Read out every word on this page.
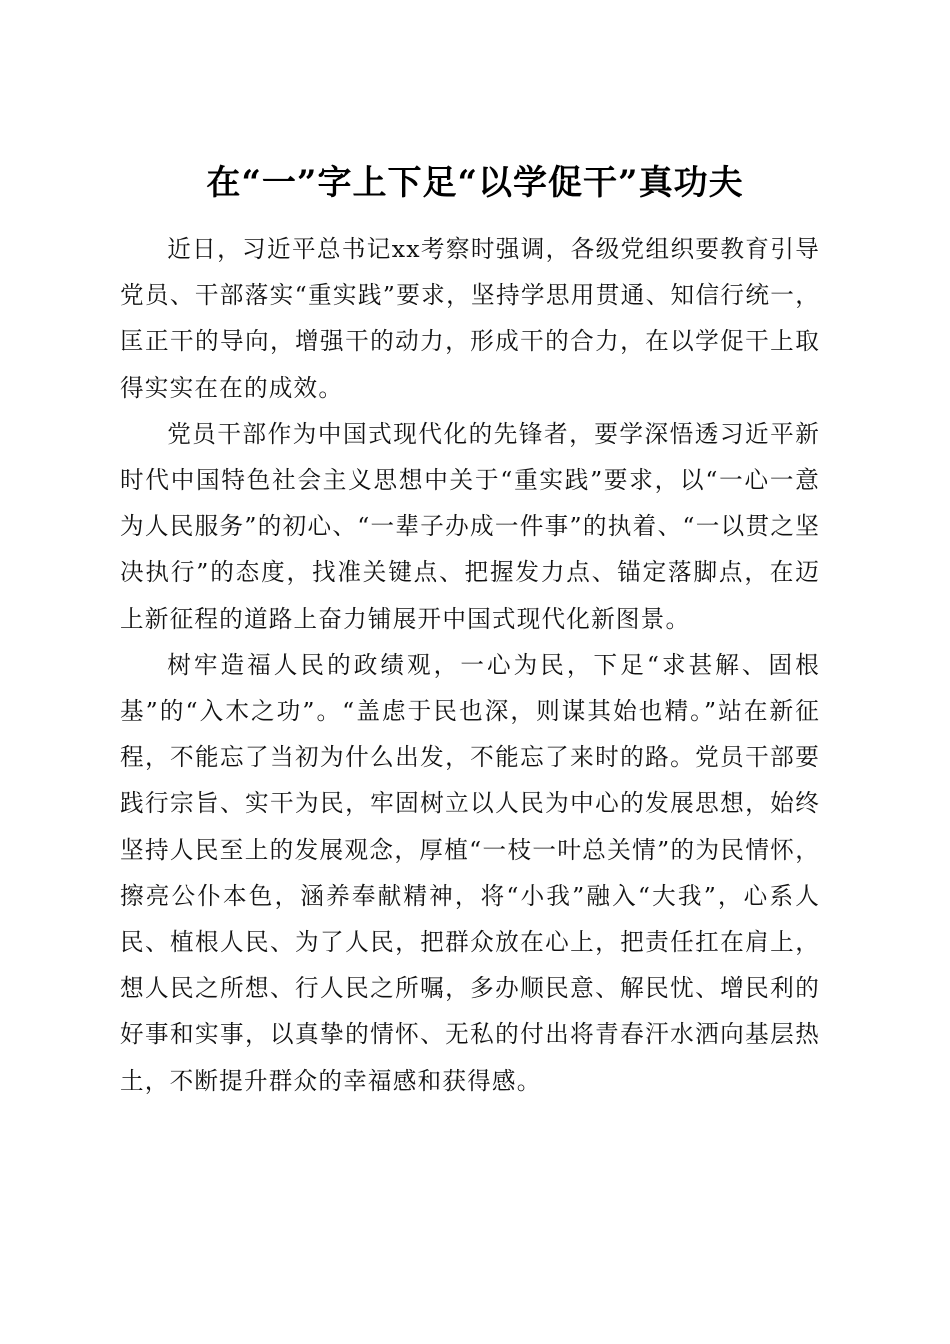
在“一”字上下足“以学促干”真功夫

近日，习近平总书记xx考察时强调，各级党组织要教育引导党员、干部落实“重实践”要求，坚持学思用贯通、知信行统一，匡正干的导向，增强干的动力，形成干的合力，在以学促干上取得实实在在的成效。

党员干部作为中国式现代化的先锋者，要学深悟透习近平新时代中国特色社会主义思想中关于“重实践”要求，以“一心一意为人民服务”的初心、“一辈子办成一件事”的执着、“一以贯之坚决执行”的态度，找准关键点、把握发力点、锚定落脚点，在迈上新征程的道路上奋力铺展开中国式现代化新图景。

树牢造福人民的政绩观，一心为民，下足“求甚解、固根基”的“入木之功”。“盖虑于民也深，则谋其始也精。”站在新征程，不能忘了当初为什么出发，不能忘了来时的路。党员干部要践行宗旨、实干为民，牢固树立以人民为中心的发展思想，始终坚持人民至上的发展观念，厚植“一枝一叶总关情”的为民情怀，擦亮公仆本色，涵养奉献精神，将“小我”融入“大我”，心系人民、植根人民、为了人民，把群众放在心上，把责任扛在肩上，想人民之所想、行人民之所嘱，多办顺民意、解民忧、增民利的好事和实事，以真挚的情怀、无私的付出将青春汗水洒向基层热土，不断提升群众的幸福感和获得感。
